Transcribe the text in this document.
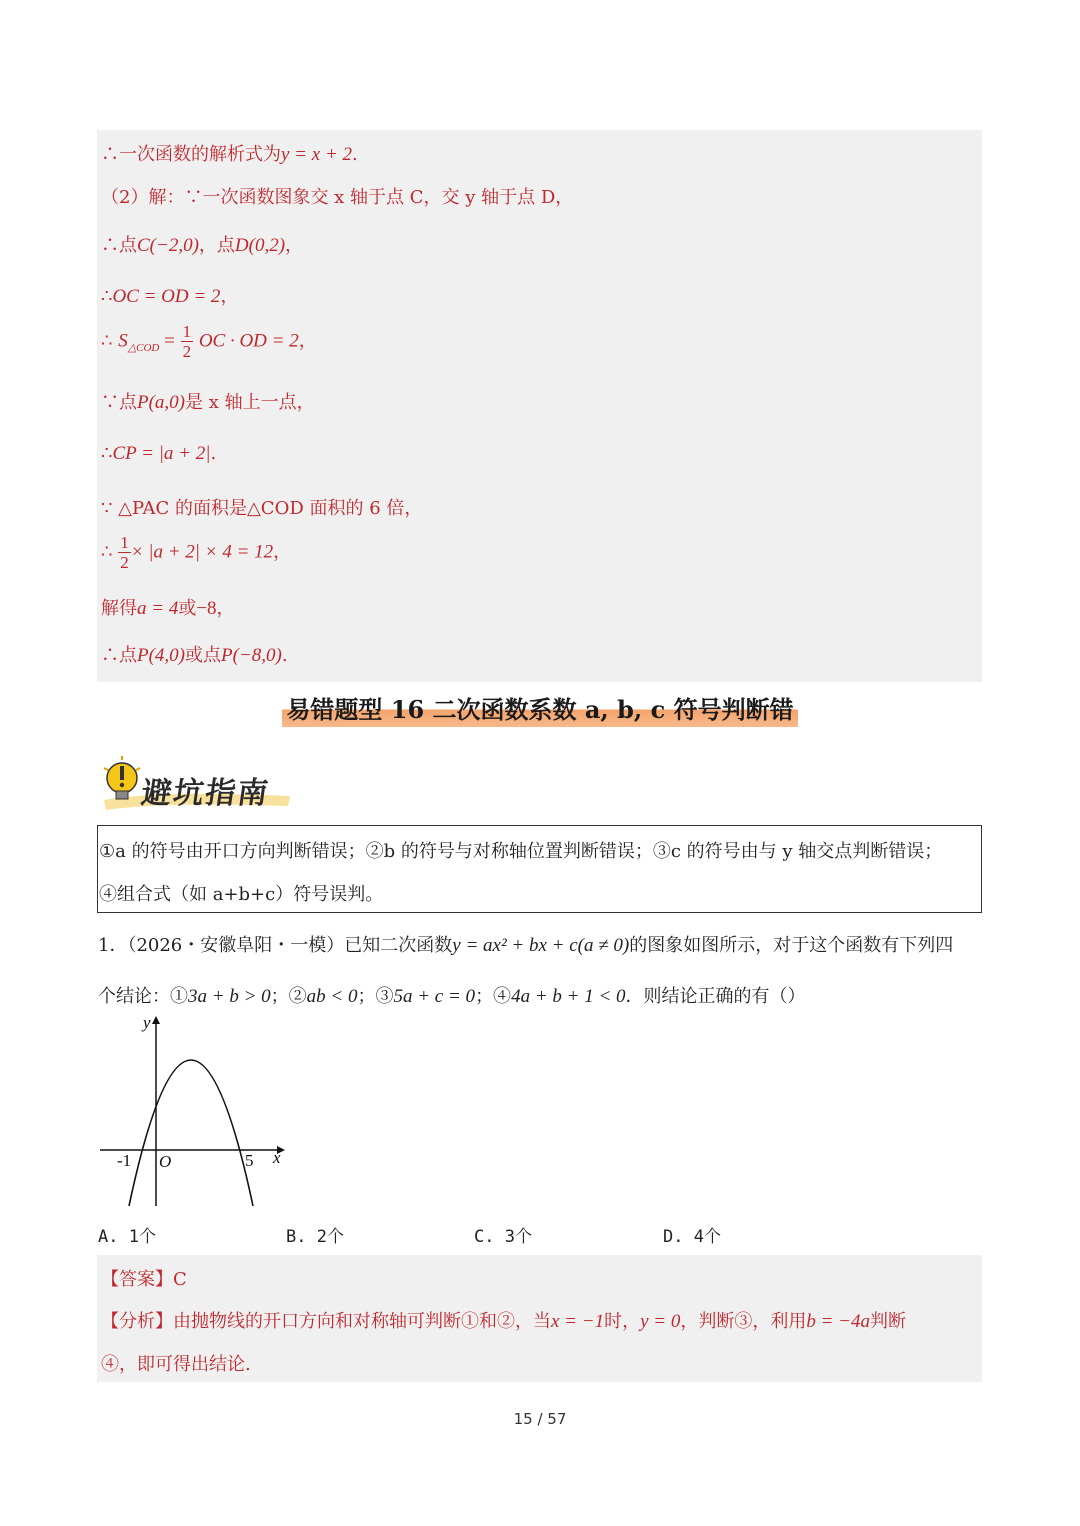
∴一次函数的解析式为y = x + 2.
（2）解：∵一次函数图象交 x 轴于点 C，交 y 轴于点 D，
∴点C(−2,0)，点D(0,2)，
∴OC = OD = 2，
∴ $S_{\triangle COD} = \frac{1}{2}$ OC · OD = 2，
∵点P(a,0)是 x 轴上一点，
∴CP = |a + 2|.
∵ △PAC 的面积是△COD 面积的 6 倍，
∴ $\frac{1}{2} \times |a + 2| \times 4 = 12$，
解得a = 4或−8，
∴点P(4,0)或点P(−8,0).
易错题型 16 二次函数系数 a, b, c 符号判断错
避坑指南
①a 的符号由开口方向判断错误；②b 的符号与对称轴位置判断错误；③c 的符号由与 y 轴交点判断错误；
④组合式（如 a+b+c）符号误判。
1．（2026・安徽阜阳・一模）已知二次函数y = ax² + bx + c(a ≠ 0)的图象如图所示，对于这个函数有下列四
个结论：①3a + b > 0；②ab < 0；③5a + c = 0；④4a + b + 1 < 0．则结论正确的有（）
y
x
O
-1	5
A. 1个	B. 2个	C. 3个	D. 4个
【答案】C
【分析】由抛物线的开口方向和对称轴可判断①和②，当x = −1时，y = 0，判断③，利用b = −4a判断
④，即可得出结论.
15 / 57
